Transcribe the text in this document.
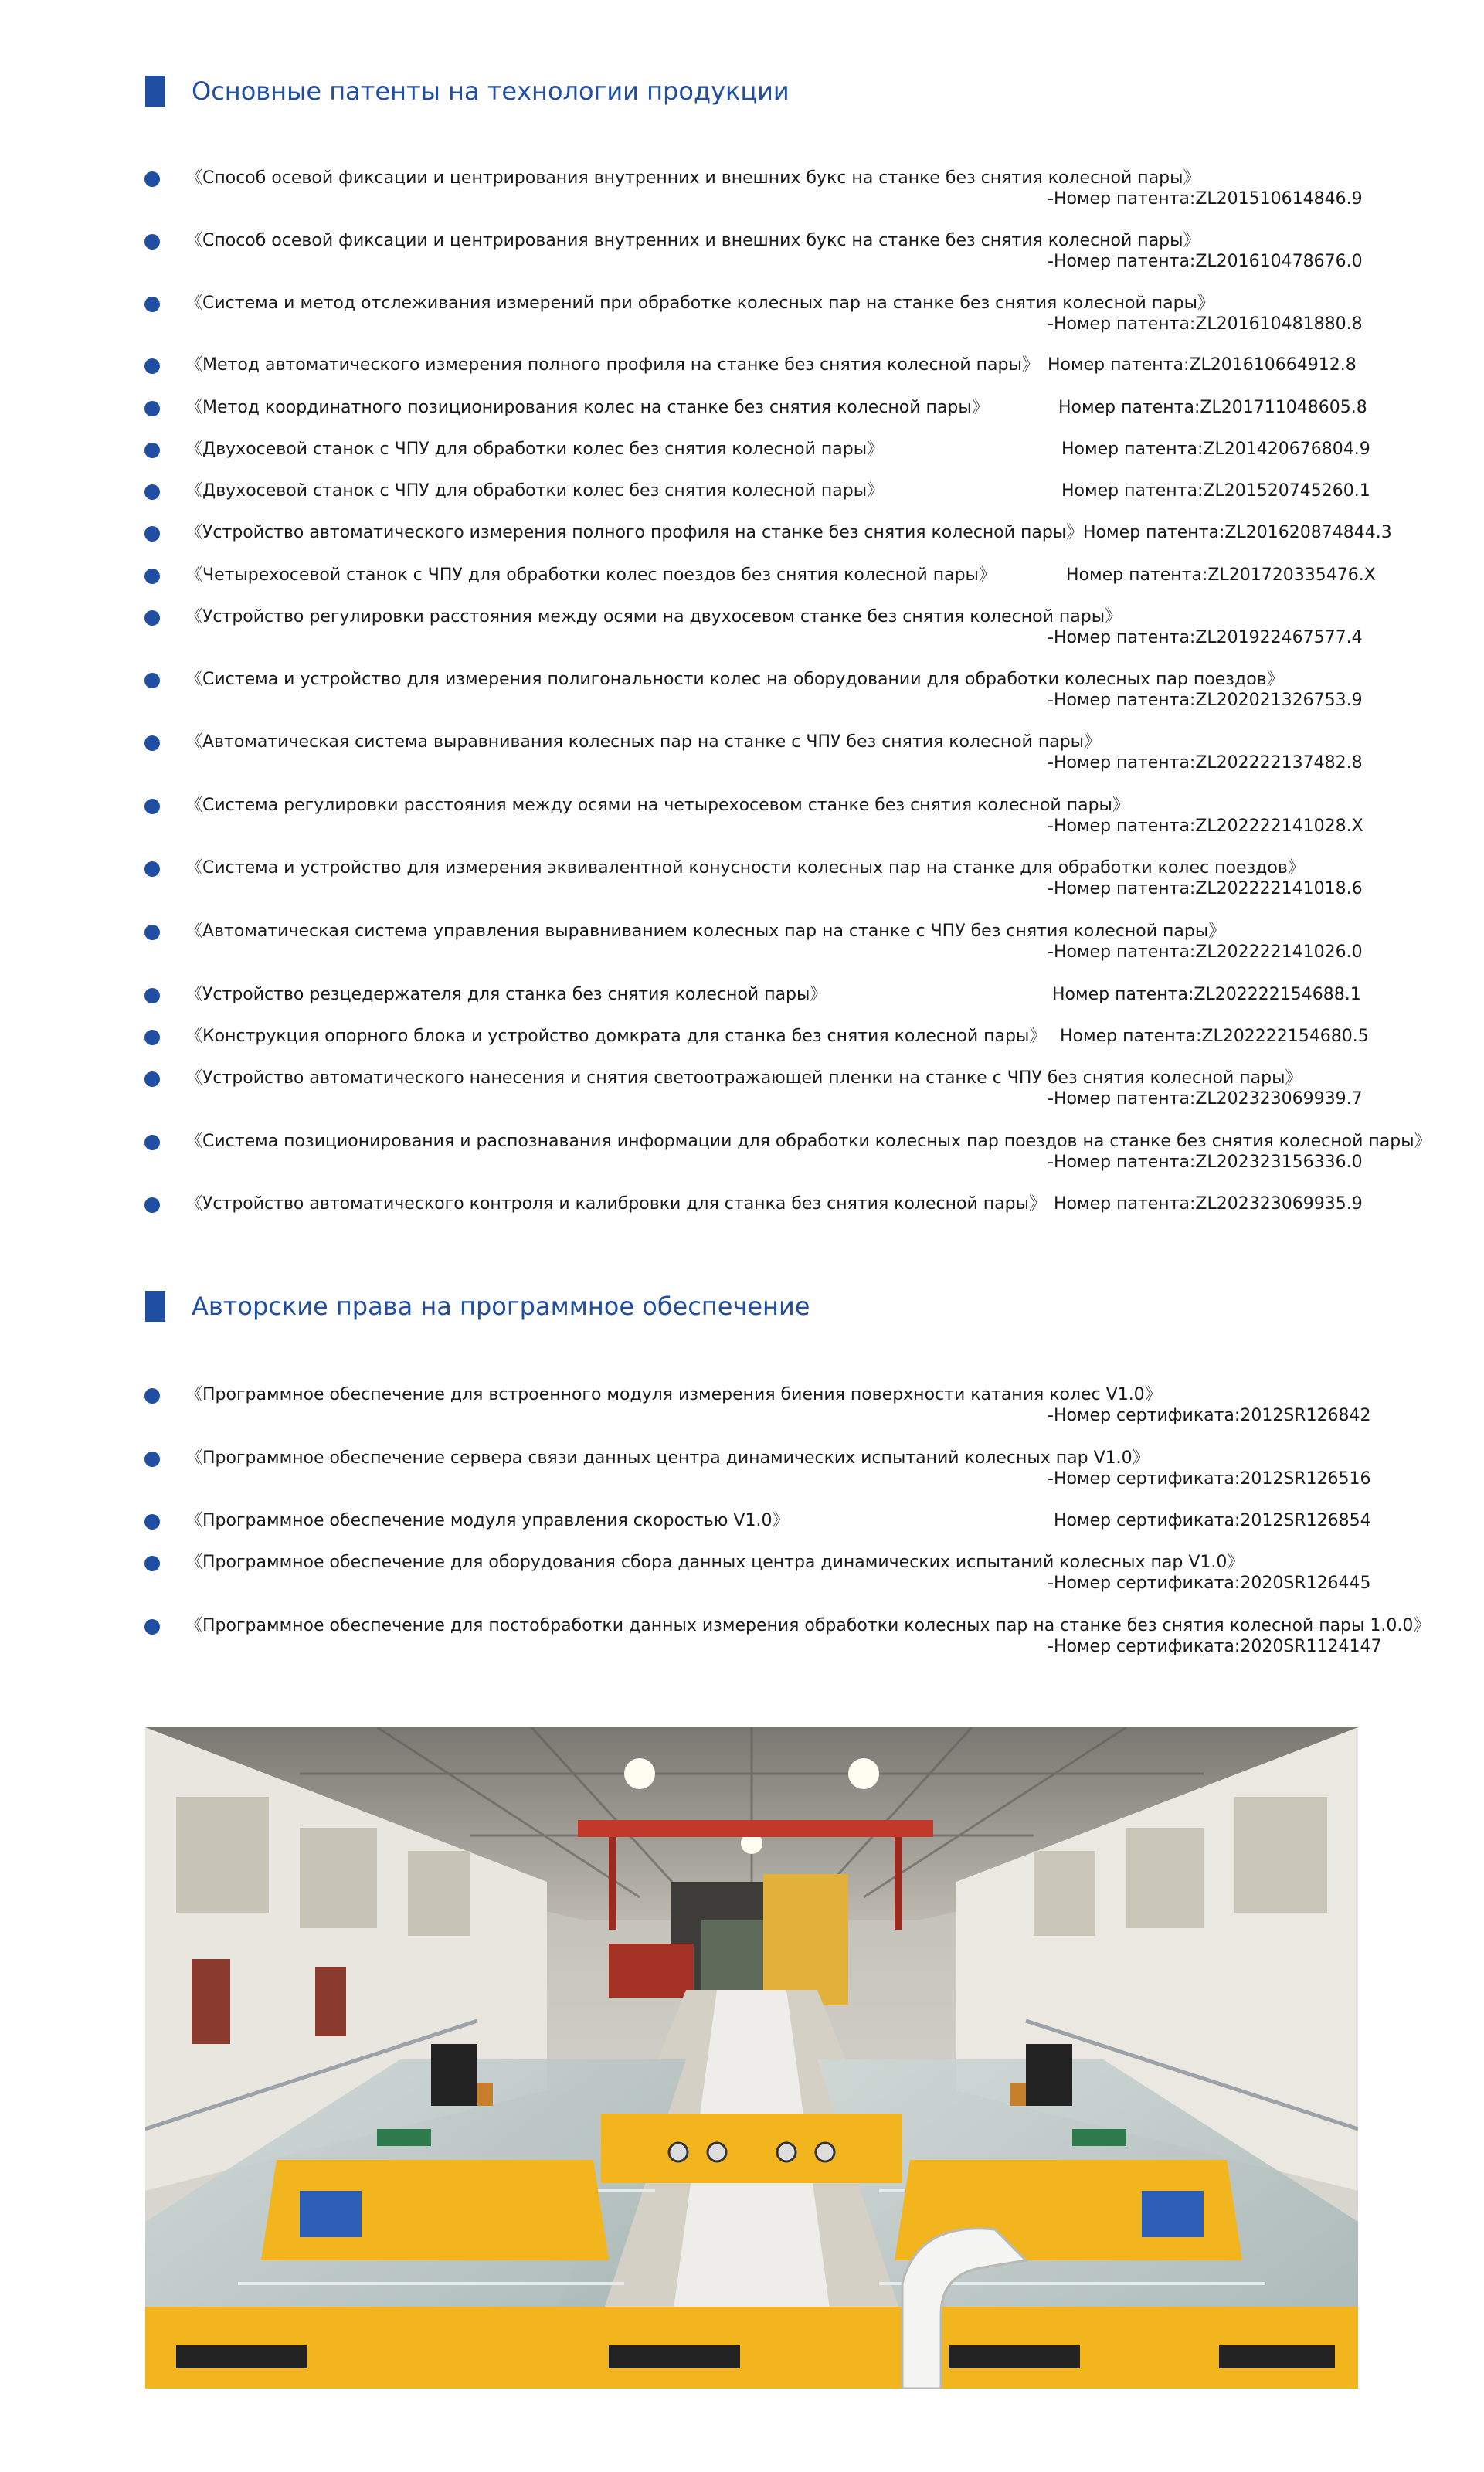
Основные патенты на технологии продукции
《Способ осевой фиксации и центрирования внутренних и внешних букс на станке без снятия колесной пары》
-Номер патента:ZL201510614846.9
《Способ осевой фиксации и центрирования внутренних и внешних букс на станке без снятия колесной пары》
-Номер патента:ZL201610478676.0
《Система и метод отслеживания измерений при обработке колесных пар на станке без снятия колесной пары》
-Номер патента:ZL201610481880.8
《Метод автоматического измерения полного профиля на станке без снятия колесной пары》 Номер патента:ZL201610664912.8
《Метод координатного позиционирования колес на станке без снятия колесной пары》	Номер патента:ZL201711048605.8
《Двухосевой станок с ЧПУ для обработки колес без снятия колесной пары》	Номер патента:ZL201420676804.9
《Двухосевой станок с ЧПУ для обработки колес без снятия колесной пары》	Номер патента:ZL201520745260.1
《Устройство автоматического измерения полного профиля на станке без снятия колесной пары》 Номер патента:ZL201620874844.3
《Четырехосевой станок с ЧПУ для обработки колес поездов без снятия колесной пары》	Номер патента:ZL201720335476.X
《Устройство регулировки расстояния между осями на двухосевом станке без снятия колесной пары》
-Номер патента:ZL201922467577.4
《Система и устройство для измерения полигональности колес на оборудовании для обработки колесных пар поездов》
-Номер патента:ZL202021326753.9
《Автоматическая система выравнивания колесных пар на станке с ЧПУ без снятия колесной пары》
-Номер патента:ZL202222137482.8
《Система регулировки расстояния между осями на четырехосевом станке без снятия колесной пары》
-Номер патента:ZL202222141028.X
《Система и устройство для измерения эквивалентной конусности колесных пар на станке для обработки колес поездов》
-Номер патента:ZL202222141018.6
《Автоматическая система управления выравниванием колесных пар на станке с ЧПУ без снятия колесной пары》
-Номер патента:ZL202222141026.0
《Устройство резцедержателя для станка без снятия колесной пары》	Номер патента:ZL202222154688.1
《Конструкция опорного блока и устройство домкрата для станка без снятия колесной пары》 Номер патента:ZL202222154680.5
《Устройство автоматического нанесения и снятия светоотражающей пленки на станке с ЧПУ без снятия колесной пары》
-Номер патента:ZL202323069939.7
《Система позиционирования и распознавания информации для обработки колесных пар поездов на станке без снятия колесной пары》
-Номер патента:ZL202323156336.0
《Устройство автоматического контроля и калибровки для станка без снятия колесной пары》 Номер патента:ZL202323069935.9
Авторские права на программное обеспечение
《Программное обеспечение для встроенного модуля измерения биения поверхности катания колес V1.0》
-Номер сертификата:2012SR126842
《Программное обеспечение сервера связи данных центра динамических испытаний колесных пар V1.0》
-Номер сертификата:2012SR126516
《Программное обеспечение модуля управления скоростью V1.0》	Номер сертификата:2012SR126854
《Программное обеспечение для оборудования сбора данных центра динамических испытаний колесных пар V1.0》
-Номер сертификата:2020SR126445
《Программное обеспечение для постобработки данных измерения обработки колесных пар на станке без снятия колесной пары 1.0.0》
-Номер сертификата:2020SR1124147
